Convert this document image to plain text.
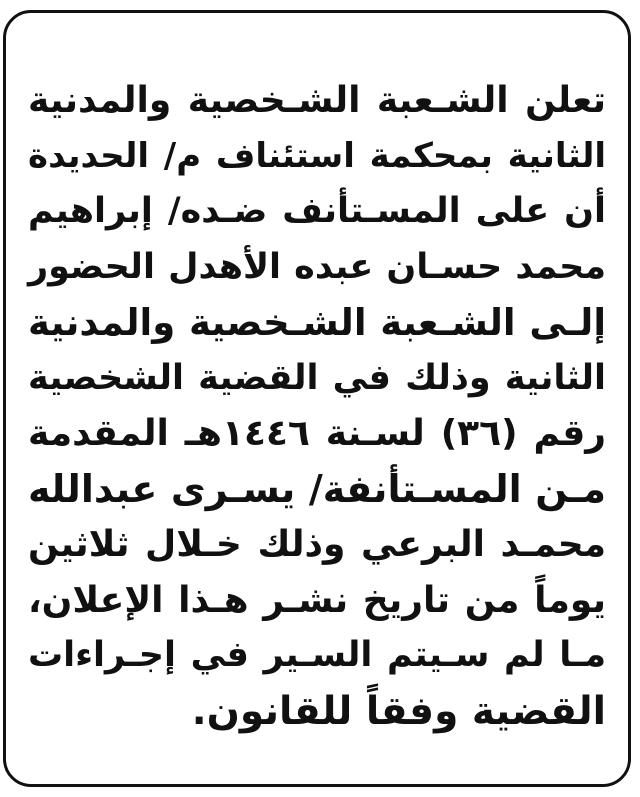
تعلن الشـعبة الشـخصية والمدنية
الثانية بمحكمة استئناف م/ الحديدة
أن على المسـتأنف ضـده/ إبراهيم
محمد حسـان عبده الأهدل الحضور
إلـى الشـعبة الشـخصية والمدنية
الثانية وذلك في القضية الشخصية
رقم (٣٦) لسـنة ١٤٤٦هـ المقدمة
مـن المسـتأنفة/ يسـرى عبدالله
محمـد البرعي وذلك خـلال ثلاثين
يوماً من تاريخ نشـر هـذا الإعلان،
مـا لم سـيتم السـير في إجـراءات
القضية وفقاً للقانون.
